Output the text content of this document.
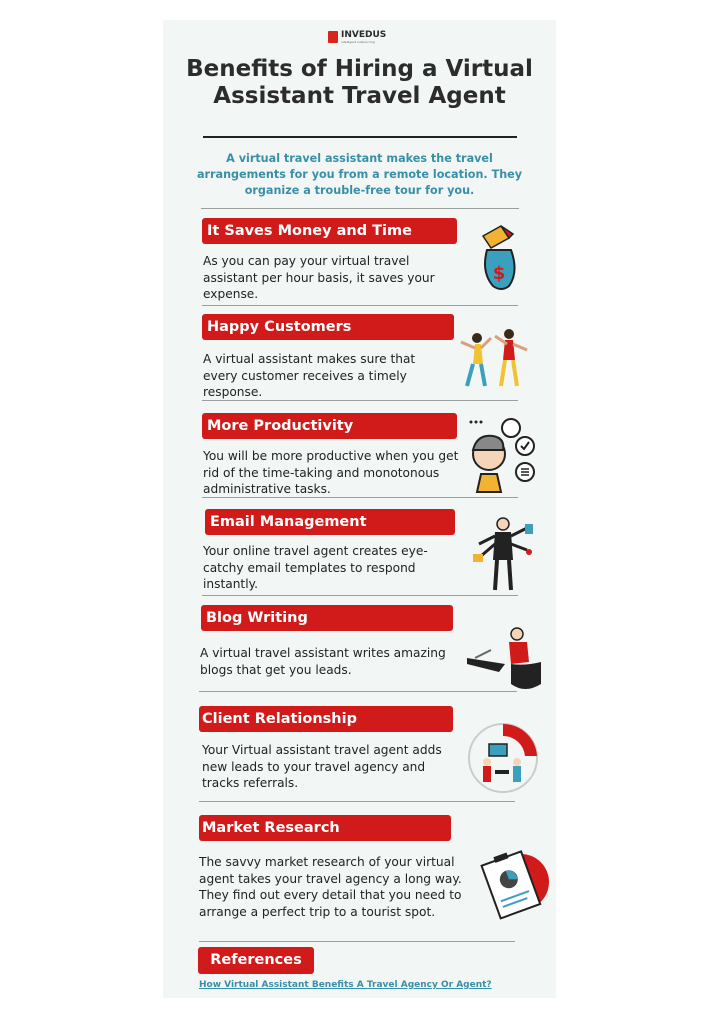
INVEDUS
intelligent outsourcing
Benefits of Hiring a Virtual Assistant Travel Agent
A virtual travel assistant makes the travel arrangements for you from a remote location. They organize a trouble-free tour for you.
It Saves Money and Time
As you can pay your virtual travel assistant per hour basis, it saves your expense.
$
Happy Customers
A virtual assistant makes sure that every customer receives a timely response.
More Productivity
You will be more productive when you get rid of the time-taking and monotonous administrative tasks.
Email Management
Your online travel agent creates eye-catchy email templates to respond instantly.
Blog Writing
A virtual travel assistant writes amazing blogs that get you leads.
Client Relationship
Your Virtual assistant travel agent adds new leads to your travel agency and tracks referrals.
Market Research
The savvy market research of your virtual agent takes your travel agency a long way. They find out every detail that you need to arrange a perfect trip to a tourist spot.
References
How Virtual Assistant Benefits A Travel Agency Or Agent?
